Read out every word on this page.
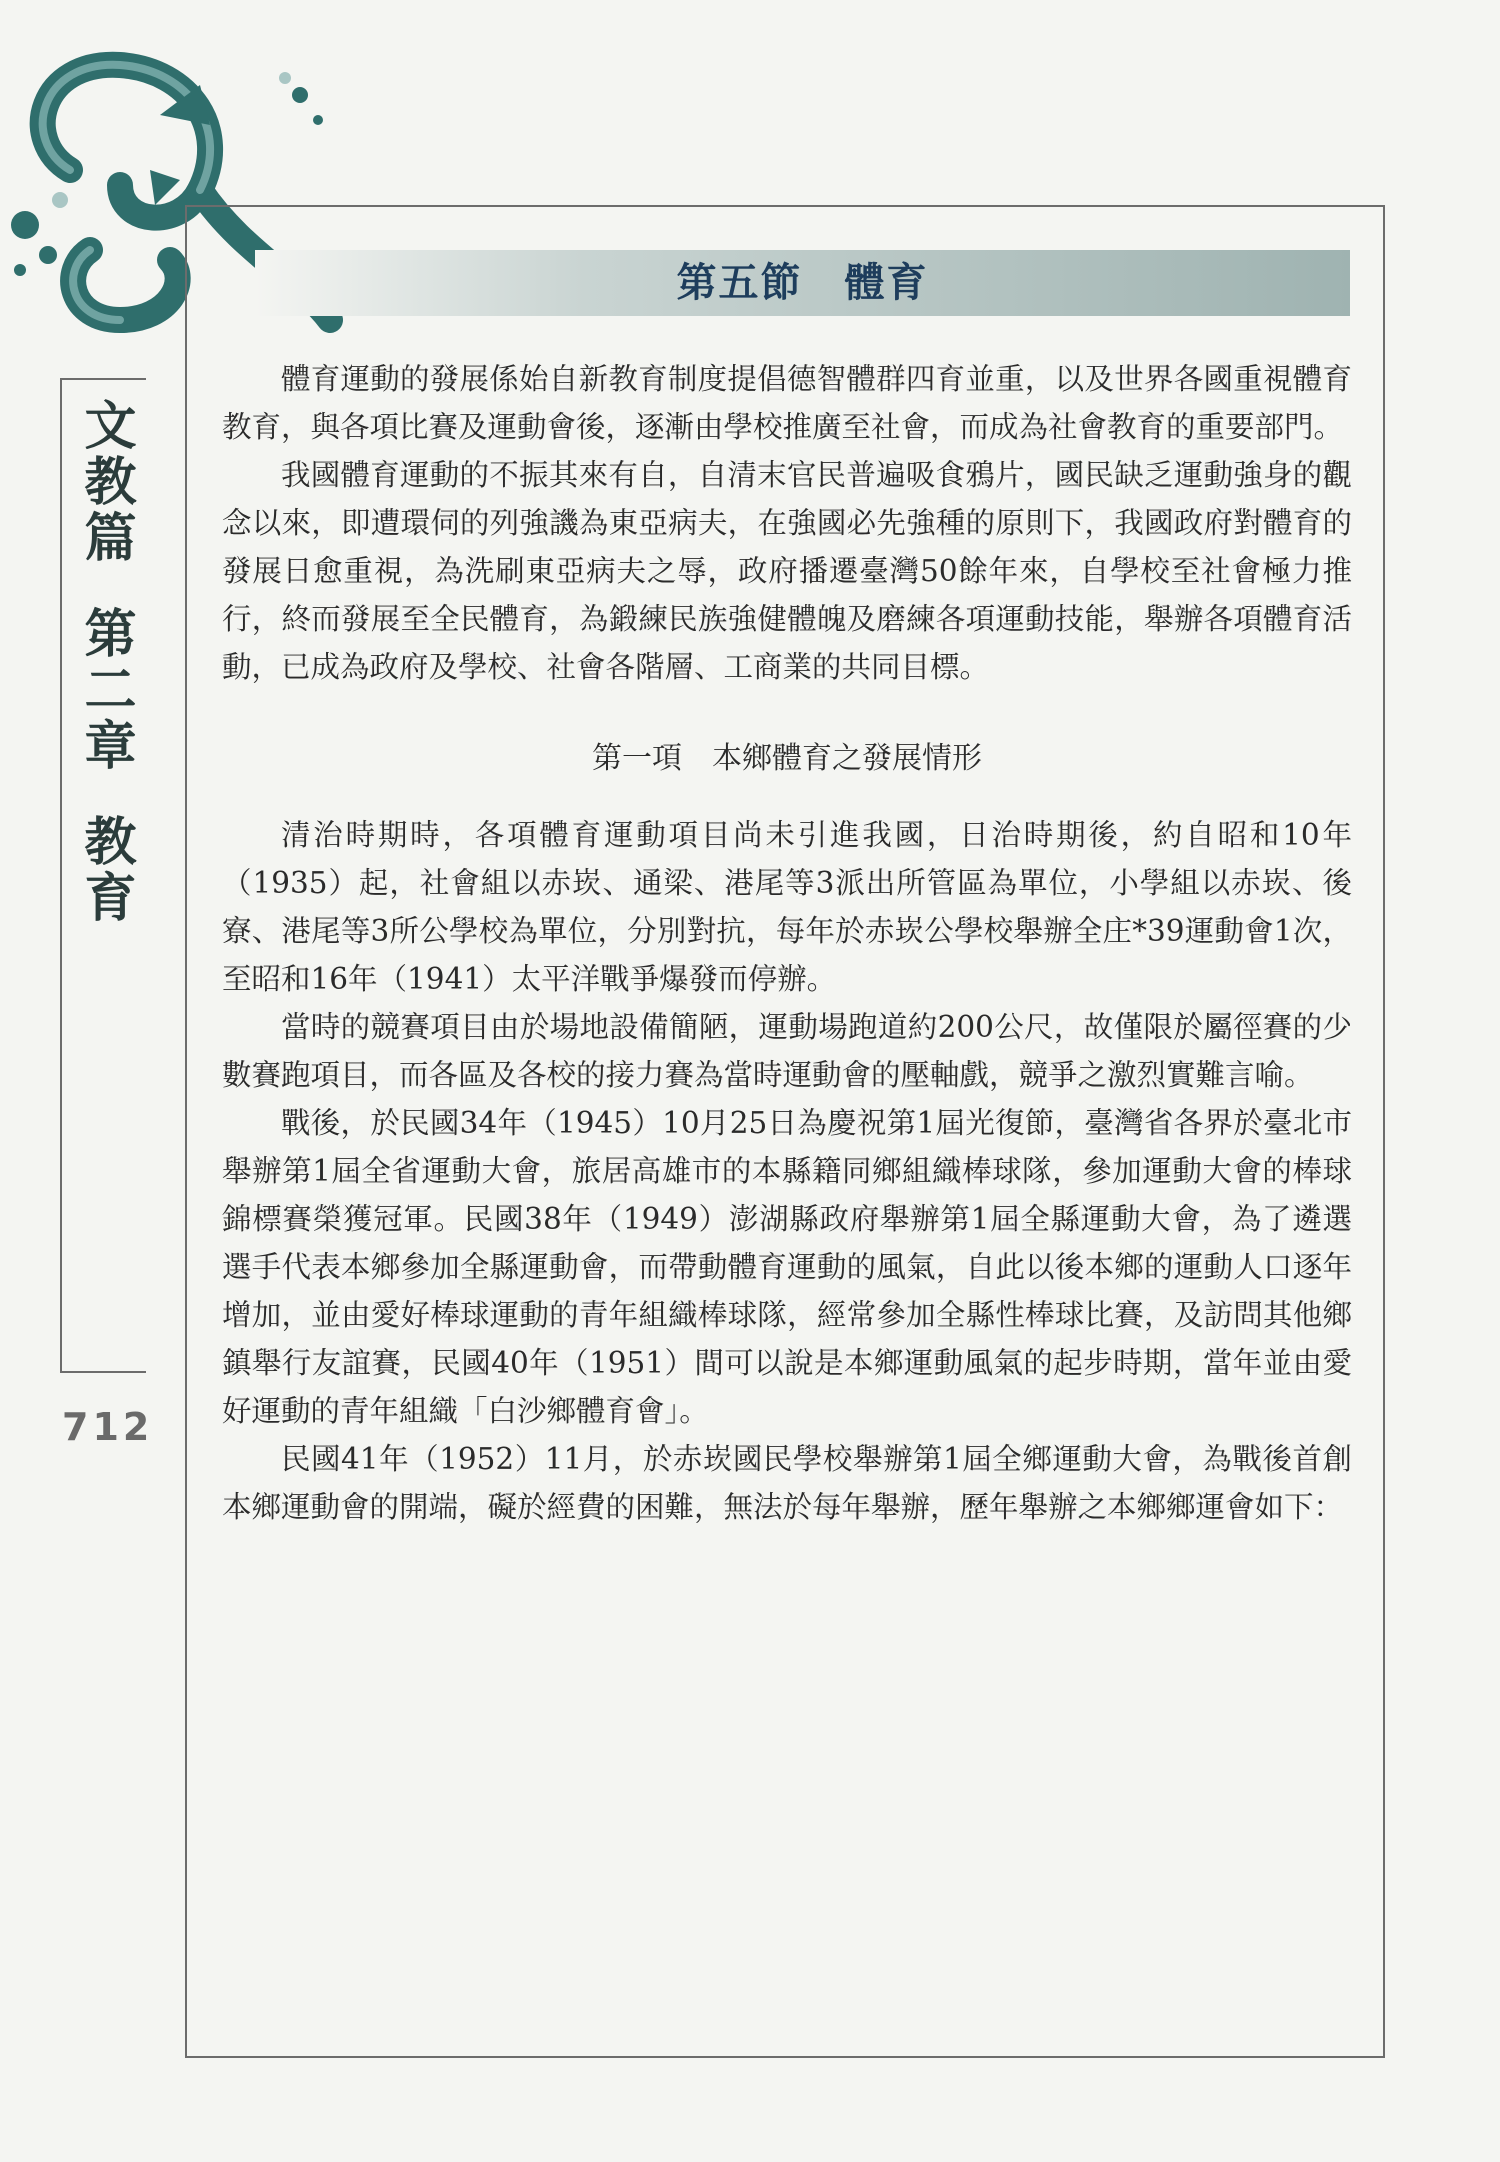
文教篇第二章教育
712
第五節　體育

體育運動的發展係始自新教育制度提倡德智體群四育並重，以及世界各國重視體育教育，與各項比賽及運動會後，逐漸由學校推廣至社會，而成為社會教育的重要部門。

我國體育運動的不振其來有自，自清末官民普遍吸食鴉片，國民缺乏運動強身的觀念以來，即遭環伺的列強譏為東亞病夫，在強國必先強種的原則下，我國政府對體育的發展日愈重視，為洗刷東亞病夫之辱，政府播遷臺灣50餘年來，自學校至社會極力推行，終而發展至全民體育，為鍛練民族強健體魄及磨練各項運動技能，舉辦各項體育活動，已成為政府及學校、社會各階層、工商業的共同目標。

第一項　本鄉體育之發展情形

清治時期時，各項體育運動項目尚未引進我國，日治時期後，約自昭和10年（1935）起，社會組以赤崁、通梁、港尾等3派出所管區為單位，小學組以赤崁、後寮、港尾等3所公學校為單位，分別對抗，每年於赤崁公學校舉辦全庄*39運動會1次，至昭和16年（1941）太平洋戰爭爆發而停辦。

當時的競賽項目由於場地設備簡陋，運動場跑道約200公尺，故僅限於屬徑賽的少數賽跑項目，而各區及各校的接力賽為當時運動會的壓軸戲，競爭之激烈實難言喻。

戰後，於民國34年（1945）10月25日為慶祝第1屆光復節，臺灣省各界於臺北市舉辦第1屆全省運動大會，旅居高雄市的本縣籍同鄉組織棒球隊，參加運動大會的棒球錦標賽榮獲冠軍。民國38年（1949）澎湖縣政府舉辦第1屆全縣運動大會，為了遴選選手代表本鄉參加全縣運動會，而帶動體育運動的風氣，自此以後本鄉的運動人口逐年增加，並由愛好棒球運動的青年組織棒球隊，經常參加全縣性棒球比賽，及訪問其他鄉鎮舉行友誼賽，民國40年（1951）間可以說是本鄉運動風氣的起步時期，當年並由愛好運動的青年組織「白沙鄉體育會」。

民國41年（1952）11月，於赤崁國民學校舉辦第1屆全鄉運動大會，為戰後首創本鄉運動會的開端，礙於經費的困難，無法於每年舉辦，歷年舉辦之本鄉鄉運會如下：
